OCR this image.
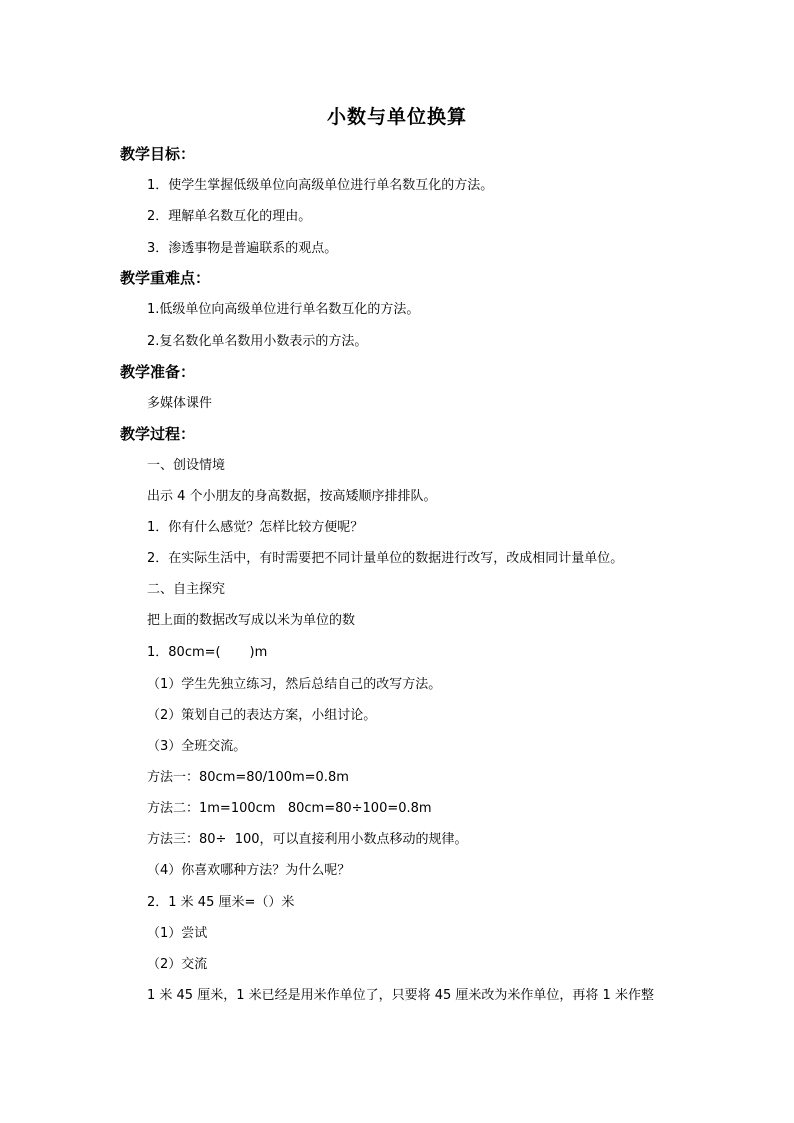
小数与单位换算
教学目标：
1．使学生掌握低级单位向高级单位进行单名数互化的方法。
2．理解单名数互化的理由。
3．渗透事物是普遍联系的观点。
教学重难点：
1.低级单位向高级单位进行单名数互化的方法。
2.复名数化单名数用小数表示的方法。
教学准备：
多媒体课件
教学过程：
一、创设情境
出示 4 个小朋友的身高数据，按高矮顺序排排队。
1．你有什么感觉？怎样比较方便呢？
2．在实际生活中，有时需要把不同计量单位的数据进行改写，改成相同计量单位。
二、自主探究
把上面的数据改写成以米为单位的数
1．80cm=(       )m
（1）学生先独立练习，然后总结自己的改写方法。
（2）策划自己的表达方案，小组讨论。
（3）全班交流。
方法一：80cm=80/100m=0.8m
方法二：1m=100cm   80cm=80÷100=0.8m
方法三：80÷  100，可以直接利用小数点移动的规律。
（4）你喜欢哪种方法？为什么呢？
2．1 米 45 厘米=（）米
（1）尝试
（2）交流
1 米 45 厘米，1 米已经是用米作单位了，只要将 45 厘米改为米作单位，再将 1 米作整
